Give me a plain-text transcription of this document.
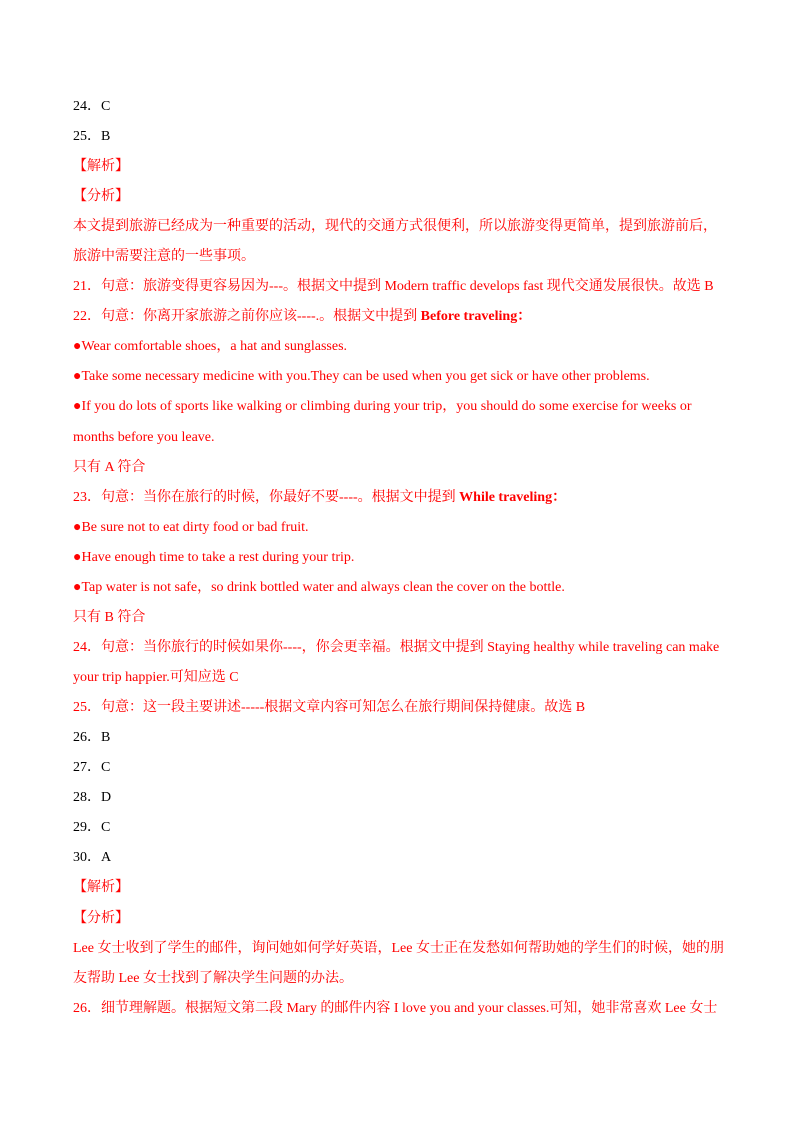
24．C
25．B
【解析】
【分析】
本文提到旅游已经成为一种重要的活动，现代的交通方式很便利，所以旅游变得更简单，提到旅游前后，
旅游中需要注意的一些事项。
21．句意：旅游变得更容易因为---。根据文中提到 Modern traffic develops fast 现代交通发展很快。故选 B
22．句意：你离开家旅游之前你应该----.。根据文中提到 Before traveling：
●Wear comfortable shoes，a hat and sunglasses.
●Take some necessary medicine with you.They can be used when you get sick or have other problems.
●If you do lots of sports like walking or climbing during your trip，you should do some exercise for weeks or
months before you leave.
只有 A 符合
23．句意：当你在旅行的时候，你最好不要----。根据文中提到 While traveling：
●Be sure not to eat dirty food or bad fruit.
●Have enough time to take a rest during your trip.
●Tap water is not safe，so drink bottled water and always clean the cover on the bottle.
只有 B 符合
24．句意：当你旅行的时候如果你----，你会更幸福。根据文中提到 Staying healthy while traveling can make
your trip happier.可知应选 C
25．句意：这一段主要讲述-----根据文章内容可知怎么在旅行期间保持健康。故选 B
26．B
27．C
28．D
29．C
30．A
【解析】
【分析】
Lee 女士收到了学生的邮件，询问她如何学好英语，Lee 女士正在发愁如何帮助她的学生们的时候，她的朋
友帮助 Lee 女士找到了解决学生问题的办法。
26．细节理解题。根据短文第二段 Mary 的邮件内容 I love you and your classes.可知，她非常喜欢 Lee 女士
